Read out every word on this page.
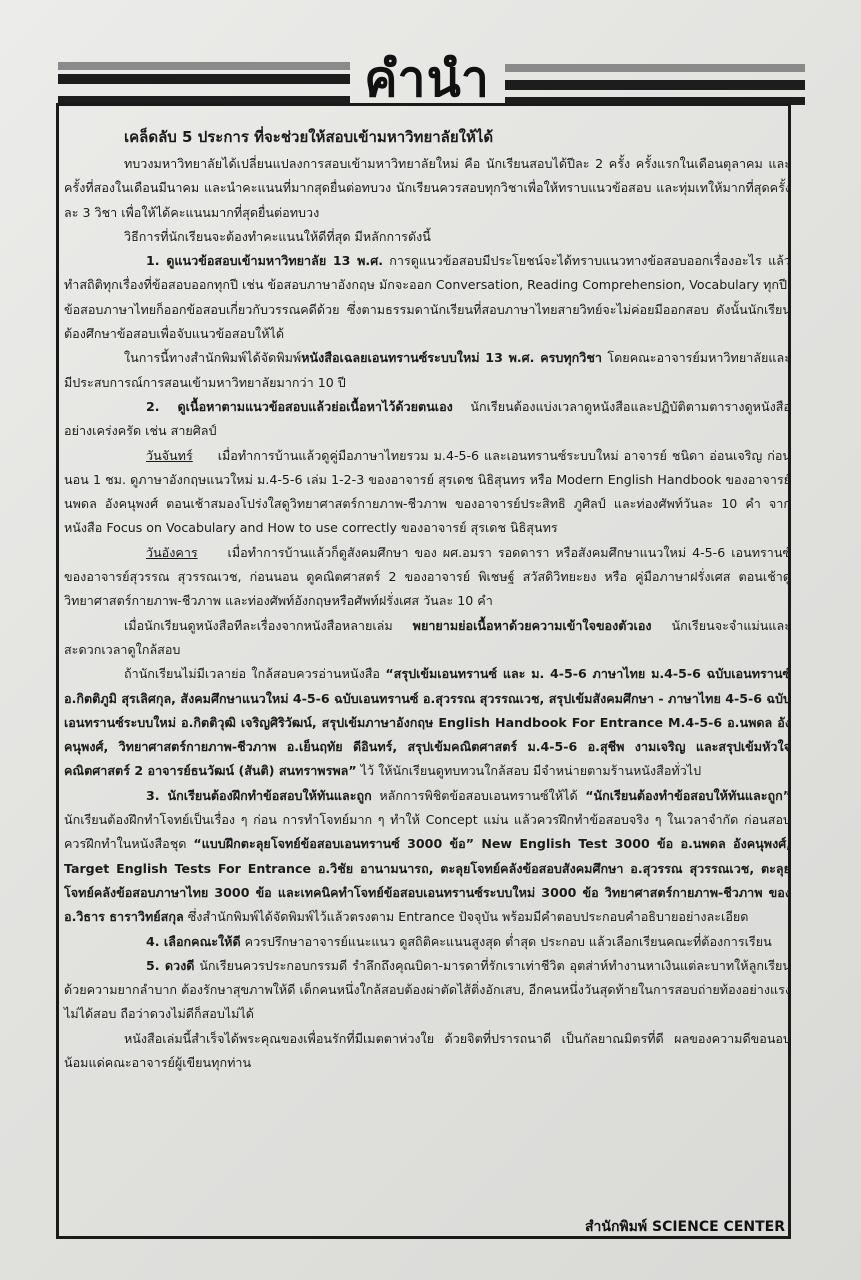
คำนำ

เคล็ดลับ 5 ประการ ที่จะช่วยให้สอบเข้ามหาวิทยาลัยให้ได้

ทบวงมหาวิทยาลัยได้เปลี่ยนแปลงการสอบเข้ามหาวิทยาลัยใหม่ คือ นักเรียนสอบได้ปีละ 2 ครั้ง ครั้งแรกในเดือนตุลาคม และครั้งที่สองในเดือนมีนาคม และนำคะแนนที่มากสุดยื่นต่อทบวง นักเรียนควรสอบทุกวิชาเพื่อให้ทราบแนวข้อสอบ และทุ่มเทให้มากที่สุดครั้งละ 3 วิชา เพื่อให้ได้คะแนนมากที่สุดยื่นต่อทบวง

วิธีการที่นักเรียนจะต้องทำคะแนนให้ดีที่สุด มีหลักการดังนี้

1. ดูแนวข้อสอบเข้ามหาวิทยาลัย 13 พ.ศ. การดูแนวข้อสอบมีประโยชน์จะได้ทราบแนวทางข้อสอบออกเรื่องอะไร แล้วทำสถิติทุกเรื่องที่ข้อสอบออกทุกปี เช่น ข้อสอบภาษาอังกฤษ มักจะออก Conversation, Reading Comprehension, Vocabulary ทุกปี, ข้อสอบภาษาไทยก็ออกข้อสอบเกี่ยวกับวรรณคดีด้วย ซึ่งตามธรรมดานักเรียนที่สอบภาษาไทยสายวิทย์จะไม่ค่อยมีออกสอบ ดังนั้นนักเรียนต้องศึกษาข้อสอบเพื่อจับแนวข้อสอบให้ได้

ในการนี้ทางสำนักพิมพ์ได้จัดพิมพ์หนังสือเฉลยเอนทรานซ์ระบบใหม่ 13 พ.ศ. ครบทุกวิชา โดยคณะอาจารย์มหาวิทยาลัยและมีประสบการณ์การสอนเข้ามหาวิทยาลัยมากว่า 10 ปี

2. ดูเนื้อหาตามแนวข้อสอบแล้วย่อเนื้อหาไว้ด้วยตนเอง นักเรียนต้องแบ่งเวลาดูหนังสือและปฏิบัติตามตารางดูหนังสืออย่างเคร่งครัด เช่น สายศิลป์

วันจันทร์     เมื่อทำการบ้านแล้วดูคู่มือภาษาไทยรวม ม.4-5-6 และเอนทรานซ์ระบบใหม่ อาจารย์ ชนิดา อ่อนเจริญ ก่อนนอน 1 ชม. ดูภาษาอังกฤษแนวใหม่ ม.4-5-6 เล่ม 1-2-3 ของอาจารย์ สุรเดช นิธิสุนทร หรือ Modern English Handbook ของอาจารย์นพดล อังคนุพงศ์ ตอนเช้าสมองโปร่งใสดูวิทยาศาสตร์กายภาพ-ชีวภาพ ของอาจารย์ประสิทธิ ภูศิลป์ และท่องศัพท์วันละ 10 คำ จากหนังสือ Focus on Vocabulary and How to use correctly ของอาจารย์ สุรเดช นิธิสุนทร

วันอังคาร     เมื่อทำการบ้านแล้วก็ดูสังคมศึกษา ของ ผศ.อมรา รอดดารา หรือสังคมศึกษาแนวใหม่ 4-5-6 เอนทรานซ์ของอาจารย์สุวรรณ สุวรรณเวช, ก่อนนอน ดูคณิตศาสตร์ 2 ของอาจารย์ พิเชษฐ์ สวัสดิวิทยะยง หรือ คู่มือภาษาฝรั่งเศส ตอนเช้าดูวิทยาศาสตร์กายภาพ-ชีวภาพ และท่องศัพท์อังกฤษหรือศัพท์ฝรั่งเศส วันละ 10 คำ

เมื่อนักเรียนดูหนังสือทีละเรื่องจากหนังสือหลายเล่ม พยายามย่อเนื้อหาด้วยความเข้าใจของตัวเอง นักเรียนจะจำแม่นและสะดวกเวลาดูใกล้สอบ

ถ้านักเรียนไม่มีเวลาย่อ ใกล้สอบควรอ่านหนังสือ “สรุปเข้มเอนทรานซ์ และ ม. 4-5-6 ภาษาไทย ม.4-5-6 ฉบับเอนทรานซ์ อ.กิตติภูมิ สุรเลิศกุล, สังคมศึกษาแนวใหม่ 4-5-6 ฉบับเอนทรานซ์ อ.สุวรรณ สุวรรณเวช, สรุปเข้มสังคมศึกษา - ภาษาไทย 4-5-6 ฉบับเอนทรานซ์ระบบใหม่ อ.กิตติวุฒิ เจริญศิริวัฒน์, สรุปเข้มภาษาอังกฤษ English Handbook For Entrance M.4-5-6 อ.นพดล อังคนุพงศ์, วิทยาศาสตร์กายภาพ-ชีวภาพ อ.เย็นฤทัย ดีอินทร์, สรุปเข้มคณิตศาสตร์ ม.4-5-6 อ.สุชีพ งามเจริญ และสรุปเข้มหัวใจคณิตศาสตร์ 2 อาจารย์ธนวัฒน์ (สันติ) สนทราพรพล” ไว้ ให้นักเรียนดูทบทวนใกล้สอบ มีจำหน่ายตามร้านหนังสือทั่วไป

3. นักเรียนต้องฝึกทำข้อสอบให้ทันและถูก หลักการพิชิตข้อสอบเอนทรานซ์ให้ได้ “นักเรียนต้องทำข้อสอบให้ทันและถูก” นักเรียนต้องฝึกทำโจทย์เป็นเรื่อง ๆ ก่อน การทำโจทย์มาก ๆ ทำให้ Concept แม่น แล้วควรฝึกทำข้อสอบจริง ๆ ในเวลาจำกัด ก่อนสอบควรฝึกทำในหนังสือชุด “แบบฝึกตะลุยโจทย์ข้อสอบเอนทรานซ์ 3000 ข้อ” New English Test 3000 ข้อ อ.นพดล อังคนุพงศ์, Target English Tests For Entrance อ.วิชัย อานามนารถ, ตะลุยโจทย์คลังข้อสอบสังคมศึกษา อ.สุวรรณ สุวรรณเวช, ตะลุยโจทย์คลังข้อสอบภาษาไทย 3000 ข้อ และเทคนิคทำโจทย์ข้อสอบเอนทรานซ์ระบบใหม่ 3000 ข้อ วิทยาศาสตร์กายภาพ-ชีวภาพ ของ อ.วิธาร ธาราวิทย์สกุล ซึ่งสำนักพิมพ์ได้จัดพิมพ์ไว้แล้วตรงตาม Entrance ปัจจุบัน พร้อมมีคำตอบประกอบคำอธิบายอย่างละเอียด

4. เลือกคณะให้ดี ควรปรึกษาอาจารย์แนะแนว ดูสถิติคะแนนสูงสุด ต่ำสุด ประกอบ แล้วเลือกเรียนคณะที่ต้องการเรียน

5. ดวงดี นักเรียนควรประกอบกรรมดี รำลึกถึงคุณบิดา-มารดาที่รักเราเท่าชีวิต อุตส่าห์ทำงานหาเงินแต่ละบาทให้ลูกเรียน ด้วยความยากลำบาก ต้องรักษาสุขภาพให้ดี เด็กคนหนึ่งใกล้สอบต้องผ่าตัดไส้ติ่งอักเสบ, อีกคนหนึ่งวันสุดท้ายในการสอบถ่ายท้องอย่างแรงไม่ได้สอบ ถือว่าดวงไม่ดีก็สอบไม่ได้

หนังสือเล่มนี้สำเร็จได้พระคุณของเพื่อนรักที่มีเมตตาห่วงใย ด้วยจิตที่ปรารถนาดี เป็นกัลยาณมิตรที่ดี ผลของความดีขอนอบน้อมแด่คณะอาจารย์ผู้เขียนทุกท่าน

สำนักพิมพ์ SCIENCE CENTER
